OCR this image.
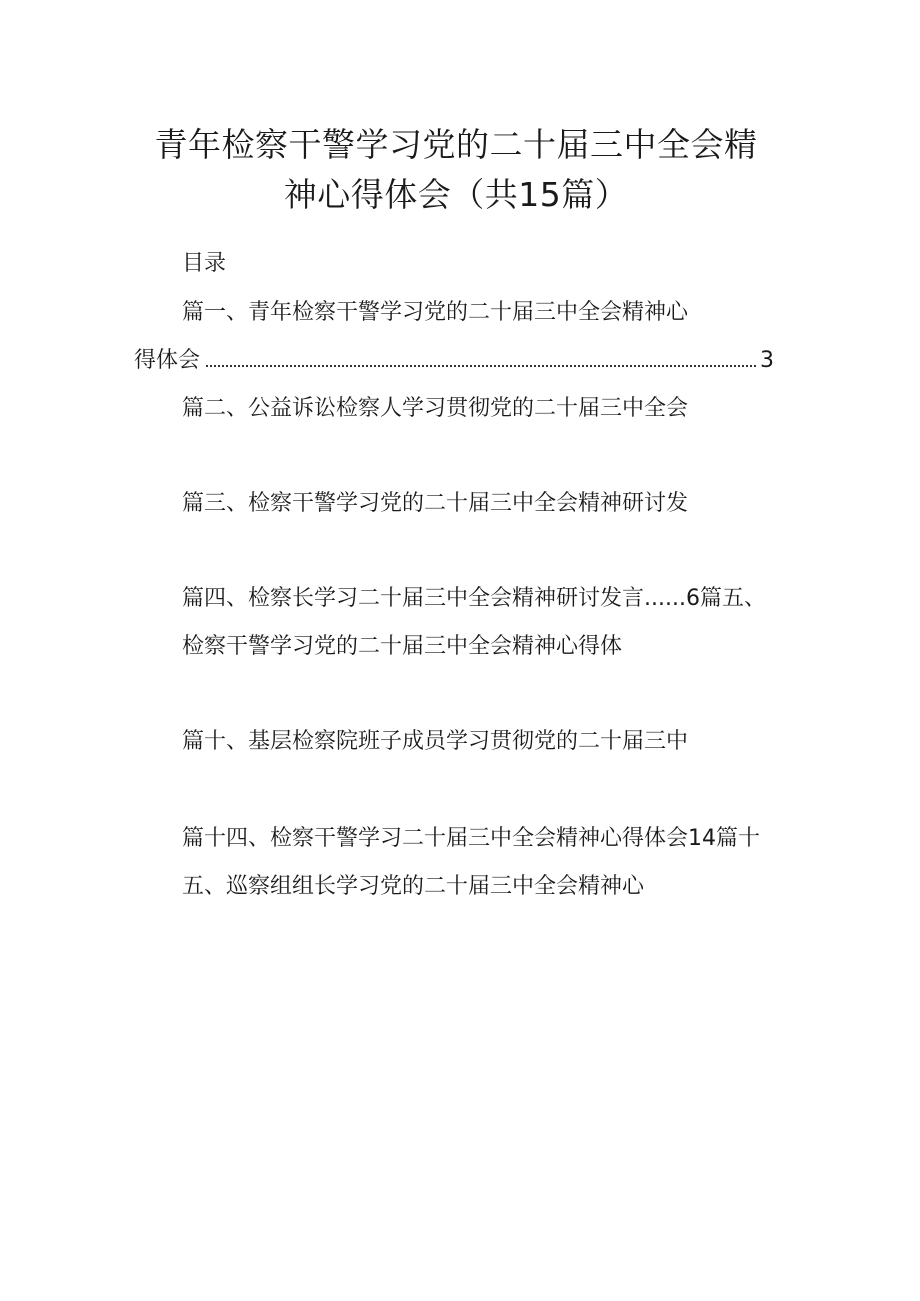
青年检察干警学习党的二十届三中全会精
神心得体会（共15篇）
目录
篇一、青年检察干警学习党的二十届三中全会精神心
得体会	3
篇二、公益诉讼检察人学习贯彻党的二十届三中全会
篇三、检察干警学习党的二十届三中全会精神研讨发
篇四、检察长学习二十届三中全会精神研讨发言......6篇五、
检察干警学习党的二十届三中全会精神心得体
篇十、基层检察院班子成员学习贯彻党的二十届三中
篇十四、检察干警学习二十届三中全会精神心得体会14篇十
五、巡察组组长学习党的二十届三中全会精神心
